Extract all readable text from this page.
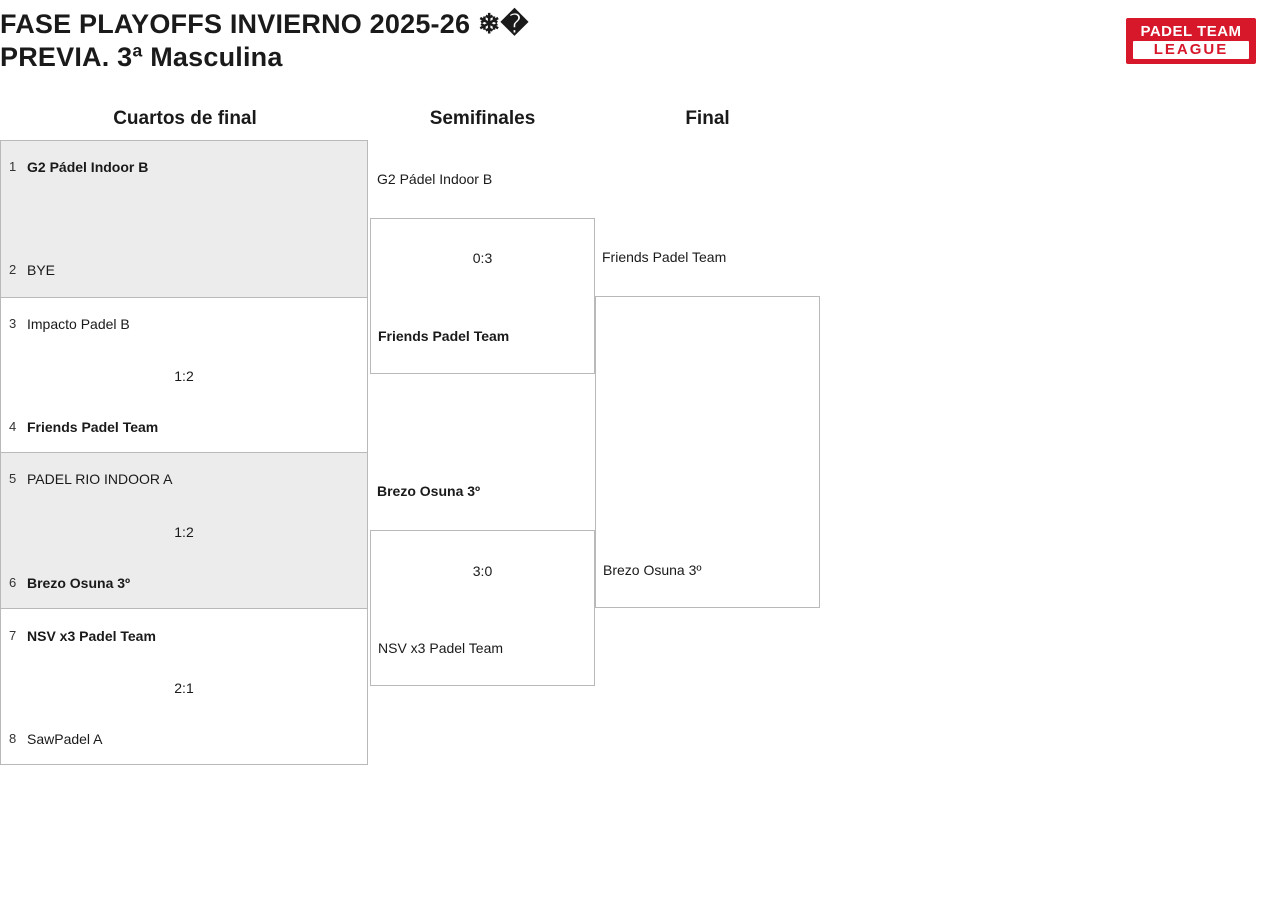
FASE PLAYOFFS INVIERNO 2025-26 ❄�
PREVIA. 3ª Masculina
PADEL TEAM
LEAGUE
Cuartos de final	Semifinales	Final
1 G2 Pádel Indoor B
2 BYE
3 Impacto Padel B
1:2
4 Friends Padel Team
5 PADEL RIO INDOOR A
1:2
6 Brezo Osuna 3º
7 NSV x3 Padel Team
2:1
8 SawPadel A
G2 Pádel Indoor B
0:3
Friends Padel Team
Brezo Osuna 3º
3:0
NSV x3 Padel Team
Friends Padel Team
Brezo Osuna 3º
